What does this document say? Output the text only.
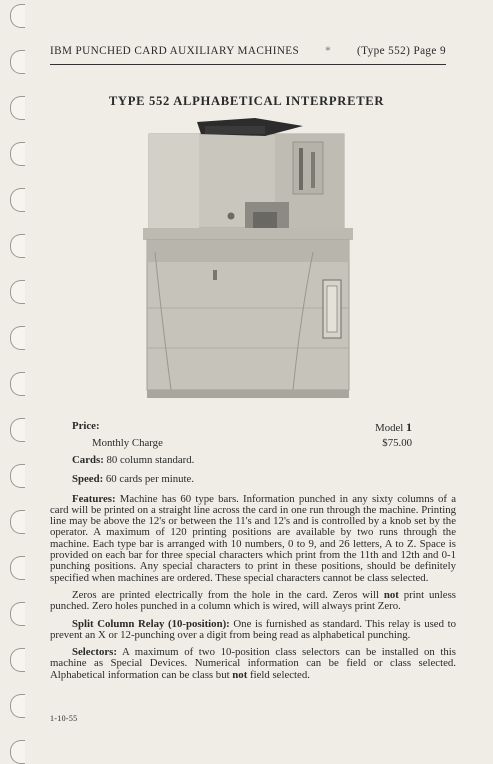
IBM PUNCHED CARD AUXILIARY MACHINES	*	(Type 552) Page 9
TYPE 552 ALPHABETICAL INTERPRETER
Price:
Monthly Charge
Model 1
$75.00

Cards: 80 column standard.

Speed: 60 cards per minute.

Features: Machine has 60 type bars. Information punched in any sixty columns of a card will be printed on a straight line across the card in one run through the machine. Printing line may be above the 12's or between the 11's and 12's and is controlled by a knob set by the operator. A maximum of 120 printing positions are available by two runs through the machine. Each type bar is arranged with 10 numbers, 0 to 9, and 26 letters, A to Z. Space is provided on each bar for three special characters which print from the 11th and 12th and 0-1 punching positions. Any special characters to print in these positions, should be definitely specified when machines are ordered. These special characters cannot be class selected.

Zeros are printed electrically from the hole in the card. Zeros will not print unless punched. Zero holes punched in a column which is wired, will always print Zero.

Split Column Relay (10-position): One is furnished as standard. This relay is used to prevent an X or 12-punching over a digit from being read as alphabetical punching.

Selectors: A maximum of two 10-position class selectors can be installed on this machine as Special Devices. Numerical information can be field or class selected. Alphabetical information can be class but not field selected.

1-10-55
